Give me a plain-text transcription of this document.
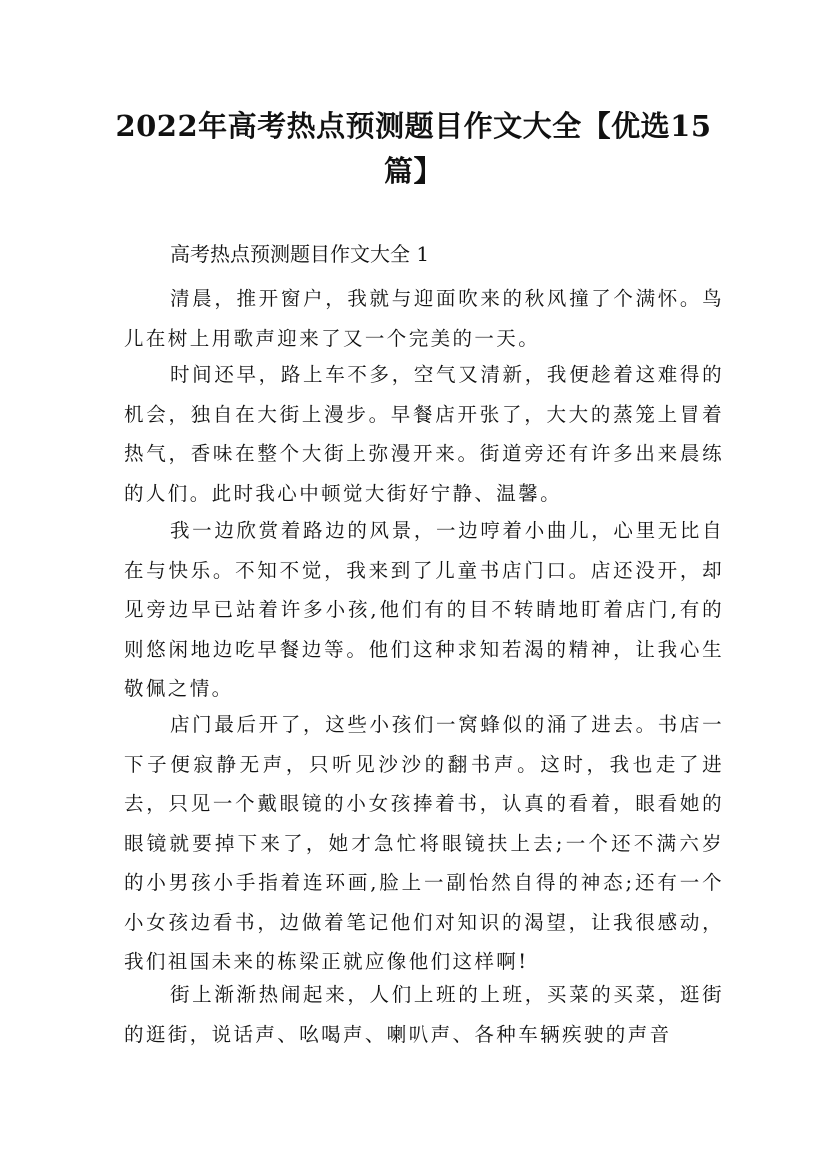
2022年高考热点预测题目作文大全【优选15篇】

高考热点预测题目作文大全 1

清晨，推开窗户，我就与迎面吹来的秋风撞了个满怀。鸟儿在树上用歌声迎来了又一个完美的一天。

时间还早，路上车不多，空气又清新，我便趁着这难得的机会，独自在大街上漫步。早餐店开张了，大大的蒸笼上冒着热气，香味在整个大街上弥漫开来。街道旁还有许多出来晨练的人们。此时我心中顿觉大街好宁静、温馨。

我一边欣赏着路边的风景，一边哼着小曲儿，心里无比自在与快乐。不知不觉，我来到了儿童书店门口。店还没开，却见旁边早已站着许多小孩,他们有的目不转睛地盯着店门,有的则悠闲地边吃早餐边等。他们这种求知若渴的精神，让我心生敬佩之情。

店门最后开了，这些小孩们一窝蜂似的涌了进去。书店一下子便寂静无声，只听见沙沙的翻书声。这时，我也走了进去，只见一个戴眼镜的小女孩捧着书，认真的看着，眼看她的眼镜就要掉下来了，她才急忙将眼镜扶上去;一个还不满六岁的小男孩小手指着连环画,脸上一副怡然自得的神态;还有一个小女孩边看书，边做着笔记他们对知识的渴望，让我很感动，我们祖国未来的栋梁正就应像他们这样啊!

街上渐渐热闹起来，人们上班的上班，买菜的买菜，逛街的逛街，说话声、吆喝声、喇叭声、各种车辆疾驶的声音
